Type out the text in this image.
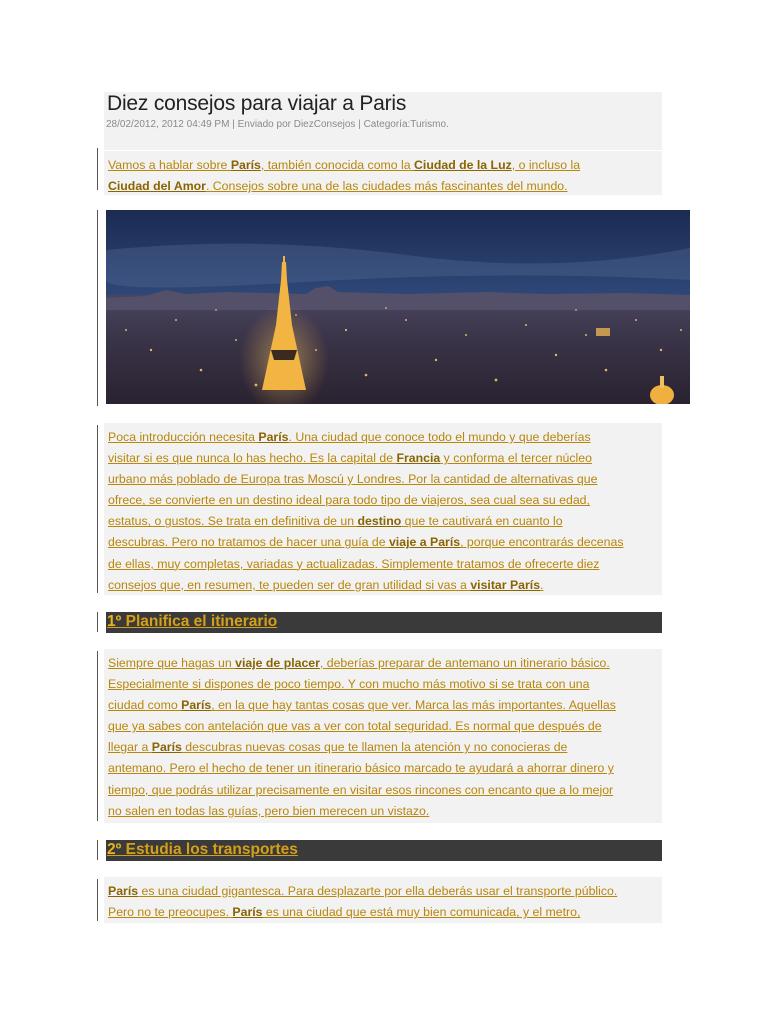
Diez consejos para viajar a Paris
28/02/2012, 2012 04:49 PM | Enviado por DiezConsejos | Categoría:Turismo.
Vamos a hablar sobre París, también conocida como la Ciudad de la Luz, o incluso la
Ciudad del Amor. Consejos sobre una de las ciudades más fascinantes del mundo.
Poca introducción necesita París. Una ciudad que conoce todo el mundo y que deberías
visitar si es que nunca lo has hecho. Es la capital de Francia y conforma el tercer núcleo
urbano más poblado de Europa tras Moscú y Londres. Por la cantidad de alternativas que
ofrece, se convierte en un destino ideal para todo tipo de viajeros, sea cual sea su edad,
estatus, o gustos. Se trata en definitiva de un destino que te cautivará en cuanto lo
descubras. Pero no tratamos de hacer una guía de viaje a París, porque encontrarás decenas
de ellas, muy completas, variadas y actualizadas. Simplemente tratamos de ofrecerte diez
consejos que, en resumen, te pueden ser de gran utilidad si vas a visitar París.
1º Planifica el itinerario
Siempre que hagas un viaje de placer, deberías preparar de antemano un itinerario básico.
Especialmente si dispones de poco tiempo. Y con mucho más motivo si se trata con una
ciudad como París, en la que hay tantas cosas que ver. Marca las más importantes. Aquellas
que ya sabes con antelación que vas a ver con total seguridad. Es normal que después de
llegar a París descubras nuevas cosas que te llamen la atención y no conocieras de
antemano. Pero el hecho de tener un itinerario básico marcado te ayudará a ahorrar dinero y
tiempo, que podrás utilizar precisamente en visitar esos rincones con encanto que a lo mejor
no salen en todas las guías, pero bien merecen un vistazo.
2º Estudia los transportes
París es una ciudad gigantesca. Para desplazarte por ella deberás usar el transporte público.
Pero no te preocupes. París es una ciudad que está muy bien comunicada, y el metro,
